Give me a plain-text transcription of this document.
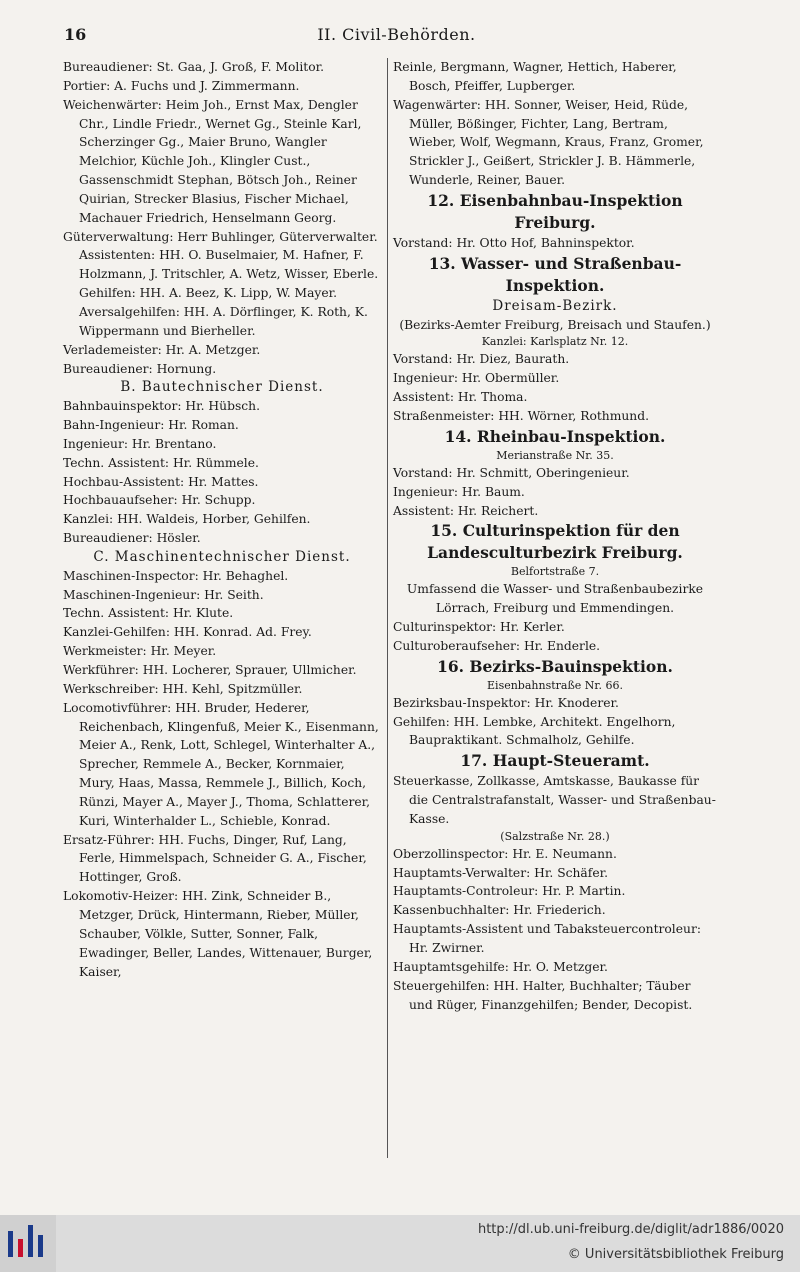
16	II. Civil-Behörden.
Bureaudiener: St. Gaa, J. Groß, F. Molitor.
Portier: A. Fuchs und J. Zimmermann.
Weichenwärter: Heim Joh., Ernst Max, Dengler Chr., Lindle Friedr., Wernet Gg., Steinle Karl, Scherzinger Gg., Maier Bruno, Wangler Melchior, Küchle Joh., Klingler Cust., Gassenschmidt Stephan, Bötsch Joh., Reiner Quirian, Strecker Blasius, Fischer Michael, Machauer Friedrich, Henselmann Georg.
Güterverwaltung: Herr Buhlinger, Güterverwalter. Assistenten: HH. O. Buselmaier, M. Hafner, F. Holzmann, J. Tritschler, A. Wetz, Wisser, Eberle. Gehilfen: HH. A. Beez, K. Lipp, W. Mayer. Aversalgehilfen: HH. A. Dörflinger, K. Roth, K. Wippermann und Bierheller.
Verlademeister: Hr. A. Metzger.
Bureaudiener: Hornung.
B. Bautechnischer Dienst.
Bahnbauinspektor: Hr. Hübsch.
Bahn-Ingenieur: Hr. Roman.
Ingenieur: Hr. Brentano.
Techn. Assistent: Hr. Rümmele.
Hochbau-Assistent: Hr. Mattes.
Hochbauaufseher: Hr. Schupp.
Kanzlei: HH. Waldeis, Horber, Gehilfen.
Bureaudiener: Hösler.
C. Maschinentechnischer Dienst.
Maschinen-Inspector: Hr. Behaghel.
Maschinen-Ingenieur: Hr. Seith.
Techn. Assistent: Hr. Klute.
Kanzlei-Gehilfen: HH. Konrad. Ad. Frey.
Werkmeister: Hr. Meyer.
Werkführer: HH. Locherer, Sprauer, Ullmicher.
Werkschreiber: HH. Kehl, Spitzmüller.
Locomotivführer: HH. Bruder, Hederer, Reichenbach, Klingenfuß, Meier K., Eisenmann, Meier A., Renk, Lott, Schlegel, Winterhalter A., Sprecher, Remmele A., Becker, Kornmaier, Mury, Haas, Massa, Remmele J., Billich, Koch, Rünzi, Mayer A., Mayer J., Thoma, Schlatterer, Kuri, Winterhalder L., Schieble, Konrad.
Ersatz-Führer: HH. Fuchs, Dinger, Ruf, Lang, Ferle, Himmelspach, Schneider G. A., Fischer, Hottinger, Groß.
Lokomotiv-Heizer: HH. Zink, Schneider B., Metzger, Drück, Hintermann, Rieber, Müller, Schauber, Völkle, Sutter, Sonner, Falk, Ewadinger, Beller, Landes, Wittenauer, Burger, Kaiser,
Reinle, Bergmann, Wagner, Hettich, Haberer, Bosch, Pfeiffer, Lupberger.
Wagenwärter: HH. Sonner, Weiser, Heid, Rüde, Müller, Bößinger, Fichter, Lang, Bertram, Wieber, Wolf, Wegmann, Kraus, Franz, Gromer, Strickler J., Geißert, Strickler J. B. Hämmerle, Wunderle, Reiner, Bauer.
12. Eisenbahnbau-Inspektion Freiburg.
Vorstand: Hr. Otto Hof, Bahninspektor.
13. Wasser- und Straßenbau-Inspektion.
Dreisam-Bezirk.
(Bezirks-Aemter Freiburg, Breisach und Staufen.)
Kanzlei: Karlsplatz Nr. 12.
Vorstand: Hr. Diez, Baurath.
Ingenieur: Hr. Obermüller.
Assistent: Hr. Thoma.
Straßenmeister: HH. Wörner, Rothmund.
14. Rheinbau-Inspektion.
Merianstraße Nr. 35.
Vorstand: Hr. Schmitt, Oberingenieur.
Ingenieur: Hr. Baum.
Assistent: Hr. Reichert.
15. Culturinspektion für den Landesculturbezirk Freiburg.
Belfortstraße 7.
Umfassend die Wasser- und Straßenbaubezirke Lörrach, Freiburg und Emmendingen.
Culturinspektor: Hr. Kerler.
Culturoberaufseher: Hr. Enderle.
16. Bezirks-Bauinspektion.
Eisenbahnstraße Nr. 66.
Bezirksbau-Inspektor: Hr. Knoderer.
Gehilfen: HH. Lembke, Architekt. Engelhorn, Baupraktikant. Schmalholz, Gehilfe.
17. Haupt-Steueramt.
Steuerkasse, Zollkasse, Amtskasse, Baukasse für die Centralstrafanstalt, Wasser- und Straßenbau-Kasse.
(Salzstraße Nr. 28.)
Oberzollinspector: Hr. E. Neumann.
Hauptamts-Verwalter: Hr. Schäfer.
Hauptamts-Controleur: Hr. P. Martin.
Kassenbuchhalter: Hr. Friederich.
Hauptamts-Assistent und Tabaksteuercontroleur: Hr. Zwirner.
Hauptamtsgehilfe: Hr. O. Metzger.
Steuergehilfen: HH. Halter, Buchhalter; Täuber und Rüger, Finanzgehilfen; Bender, Decopist.
http://dl.ub.uni-freiburg.de/diglit/adr1886/0020
© Universitätsbibliothek Freiburg
